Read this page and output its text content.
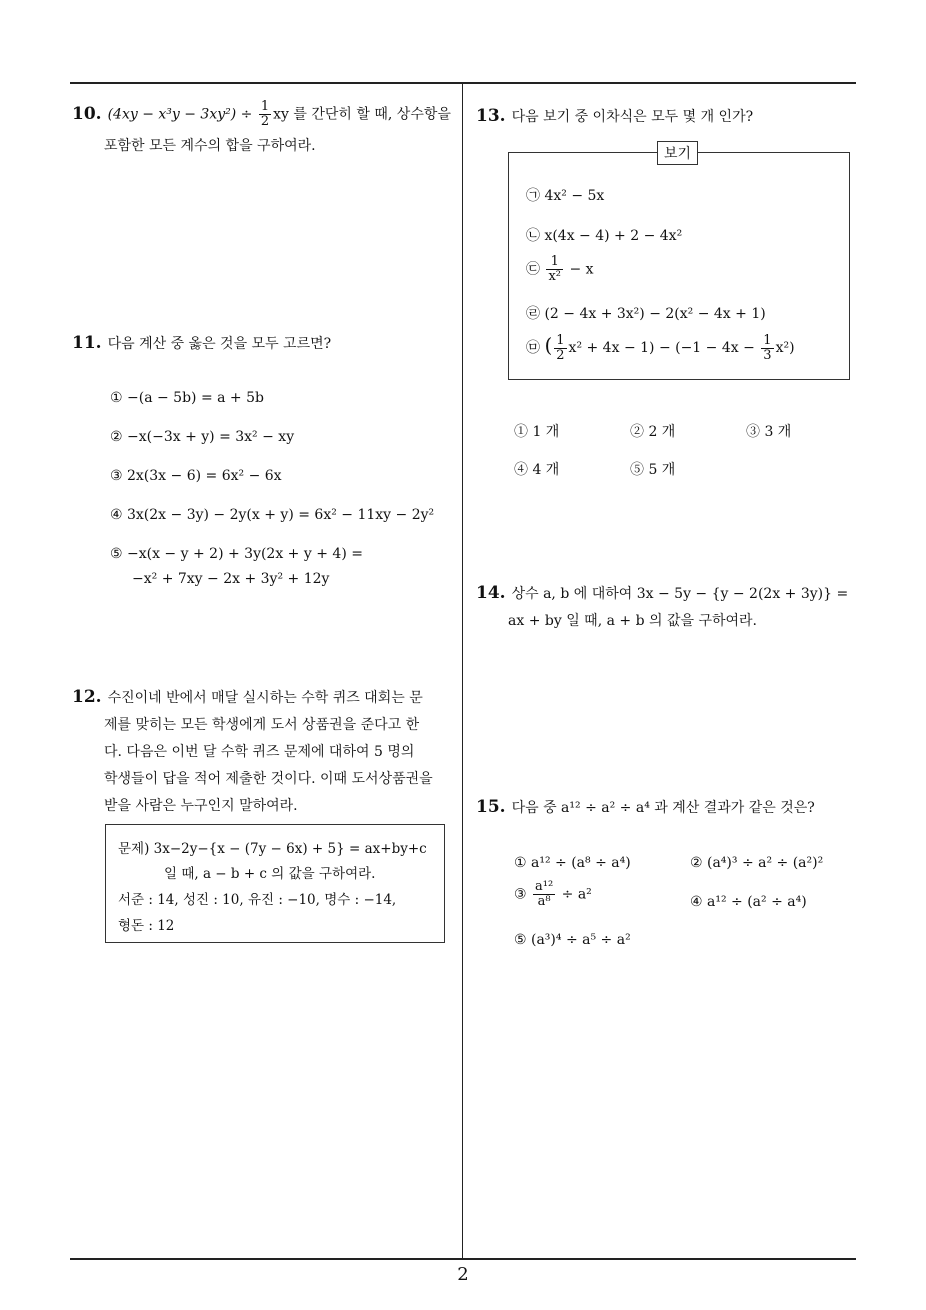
10. $(4xy - x^3y - 3xy^2) \div \frac{1}{2}$ xy 를 간단히 할 때, 상수항을
포함한 모든 계수의 합을 구하여라.
11. 다음 계산 중 옳은 것을 모두 고르면?
① −(a − 5b) = a + 5b
② −x(−3x + y) = 3x² − xy
③ 2x(3x − 6) = 6x² − 6x
④ 3x(2x − 3y) − 2y(x + y) = 6x² − 11xy − 2y²
⑤ −x(x − y + 2) + 3y(2x + y + 4) =
−x² + 7xy − 2x + 3y² + 12y
12. 수진이네 반에서 매달 실시하는 수학 퀴즈 대회는 문
제를 맞히는 모든 학생에게 도서 상품권을 준다고 한
다. 다음은 이번 달 수학 퀴즈 문제에 대하여 5 명의
학생들이 답을 적어 제출한 것이다. 이때 도서상품권을
받을 사람은 누구인지 말하여라.
문제) 3x−2y−{x − (7y − 6x) + 5} = ax+by+c
일 때, a − b + c 의 값을 구하여라.
서준 : 14, 성진 : 10, 유진 : −10, 명수 : −14,
형돈 : 12
13. 다음 보기 중 이차식은 모두 몇 개 인가?
보기
㉠ 4x² − 5x
㉡ x(4x − 4) + 2 − 4x²
㉢ $\frac{1}{\text{x²}} - x$
㉣ (2 − 4x + 3x²) − 2(x² − 4x + 1)
㉤ ( $\frac{1}{2} x^2 + 4x - 1) - (-1 - 4x - \frac{1}{3} x^2)$
① 1 개	② 2 개	③ 3 개
④ 4 개	⑤ 5 개
14. 상수 a, b 에 대하여 3x − 5y − {y − 2(2x + 3y)} =
ax + by 일 때, a + b 의 값을 구하여라.
15. 다음 중 a¹² ÷ a² ÷ a⁴ 과 계산 결과가 같은 것은?
① a¹² ÷ (a⁸ ÷ a⁴)	② (a⁴)³ ÷ a² ÷ (a²)²
③ $\frac{\text{a¹²}}{\text{a⁸}} \div a^2$	④ a¹² ÷ (a² ÷ a⁴)
⑤ (a³)⁴ ÷ a⁵ ÷ a²
2
